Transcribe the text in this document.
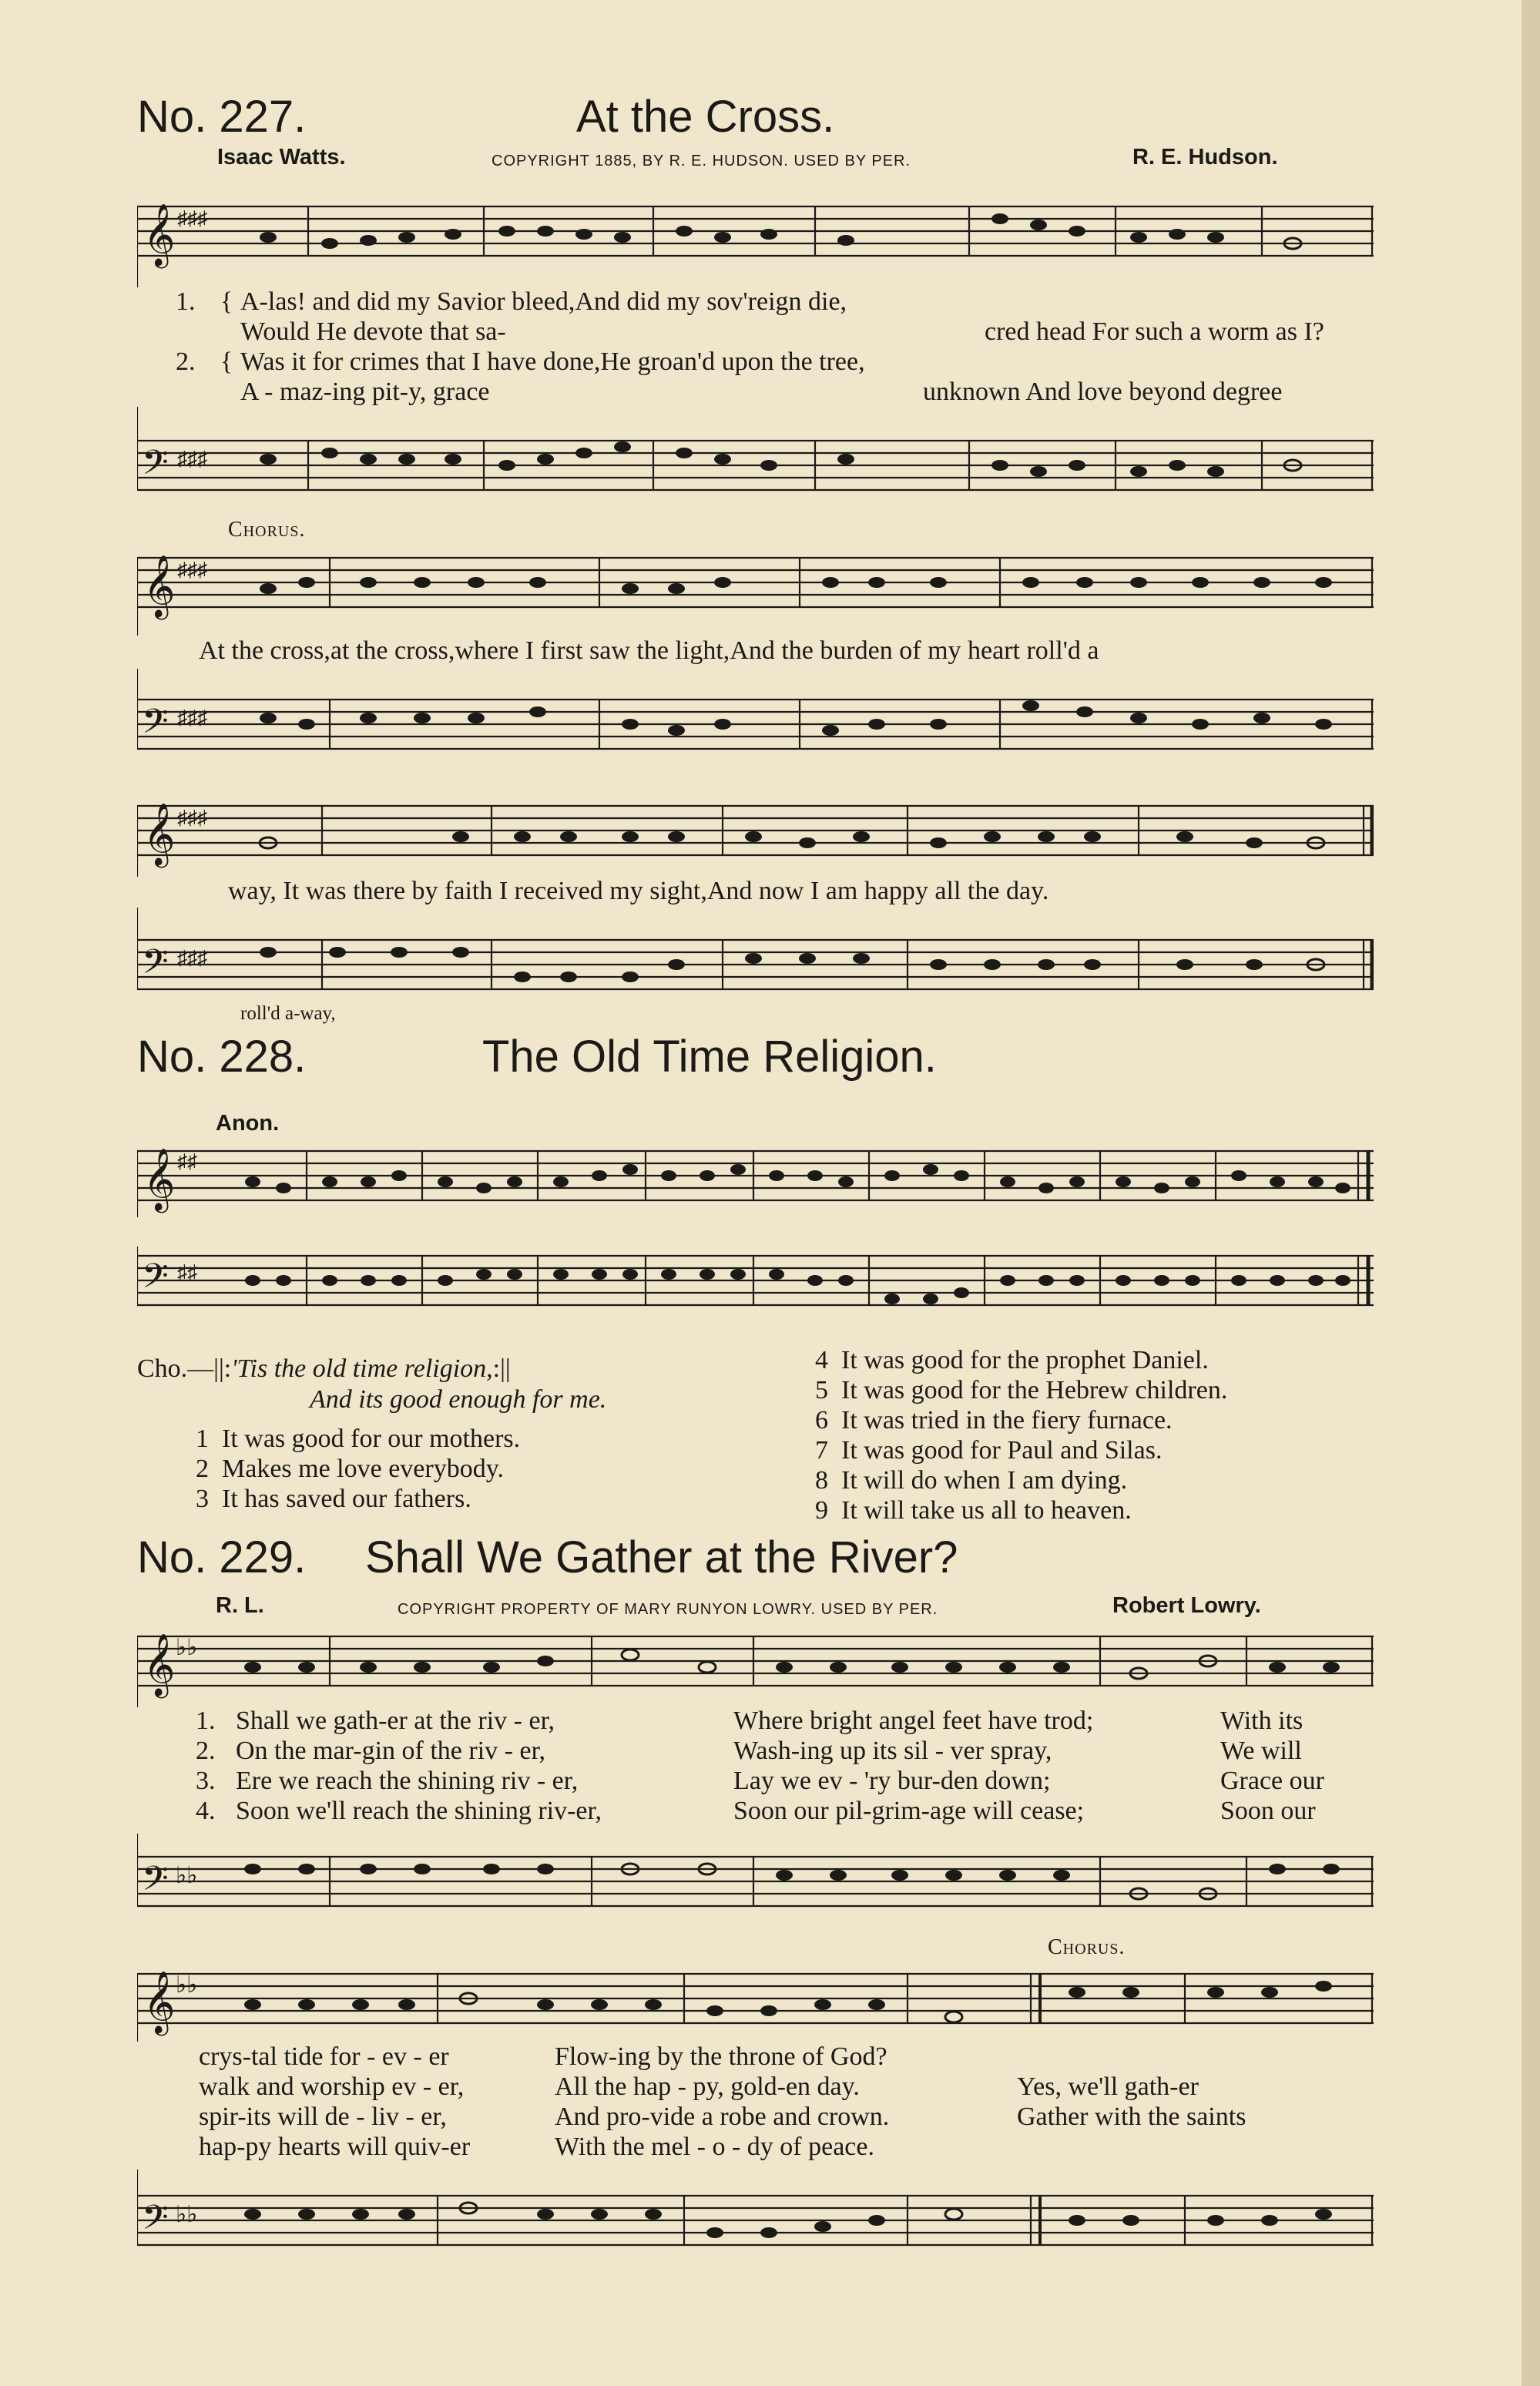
No. 227.	At the Cross.
Isaac Watts.	COPYRIGHT 1885, BY R. E. HUDSON. USED BY PER.	R. E. Hudson.
𝄞 ♯♯♯
1. { A-las! and did my Savior bleed,And did my sov'reign die,
Would He devote that sa-	cred head For such a worm as I?
2. { Was it for crimes that I have done,He groan'd upon the tree,
A - maz-ing pit-y, grace	unknown And love beyond degree
𝄢 ♯♯♯
Chorus.
𝄞 ♯♯♯
At the cross,at the cross,where I first saw the light,And the burden of my heart roll'd a
𝄢 ♯♯♯
𝄞 ♯♯♯
way, It was there by faith I received my sight,And now I am happy all the day.
𝄢 ♯♯♯
roll'd a-way,
No. 228.	The Old Time Religion.
Anon.
𝄞 ♯♯
𝄢 ♯♯
Cho.—||:'Tis the old time religion,:||
And its good enough for me.
1 It was good for our mothers.
2 Makes me love everybody.
3 It has saved our fathers.
4 It was good for the prophet Daniel.
5 It was good for the Hebrew children.
6 It was tried in the fiery furnace.
7 It was good for Paul and Silas.
8 It will do when I am dying.
9 It will take us all to heaven.
No. 229. Shall We Gather at the River?
R. L.	COPYRIGHT PROPERTY OF MARY RUNYON LOWRY. USED BY PER.	Robert Lowry.
𝄞 ♭♭
1. Shall we gath-er at the riv - er,	Where bright angel feet have trod;	With its
2. On the mar-gin of the riv - er,	Wash-ing up its sil - ver spray,	We will
3. Ere we reach the shining riv - er,	Lay we ev - 'ry bur-den down;	Grace our
4. Soon we'll reach the shining riv-er,	Soon our pil-grim-age will cease;	Soon our
𝄢 ♭♭
Chorus.
𝄞 ♭♭
crys-tal tide for - ev - er	Flow-ing by the throne of God?
walk and worship ev - er,	All the hap - py, gold-en day.	Yes, we'll gath-er
spir-its will de - liv - er,	And pro-vide a robe and crown.	Gather with the saints
hap-py hearts will quiv-er	With the mel - o - dy of peace.
𝄢 ♭♭
